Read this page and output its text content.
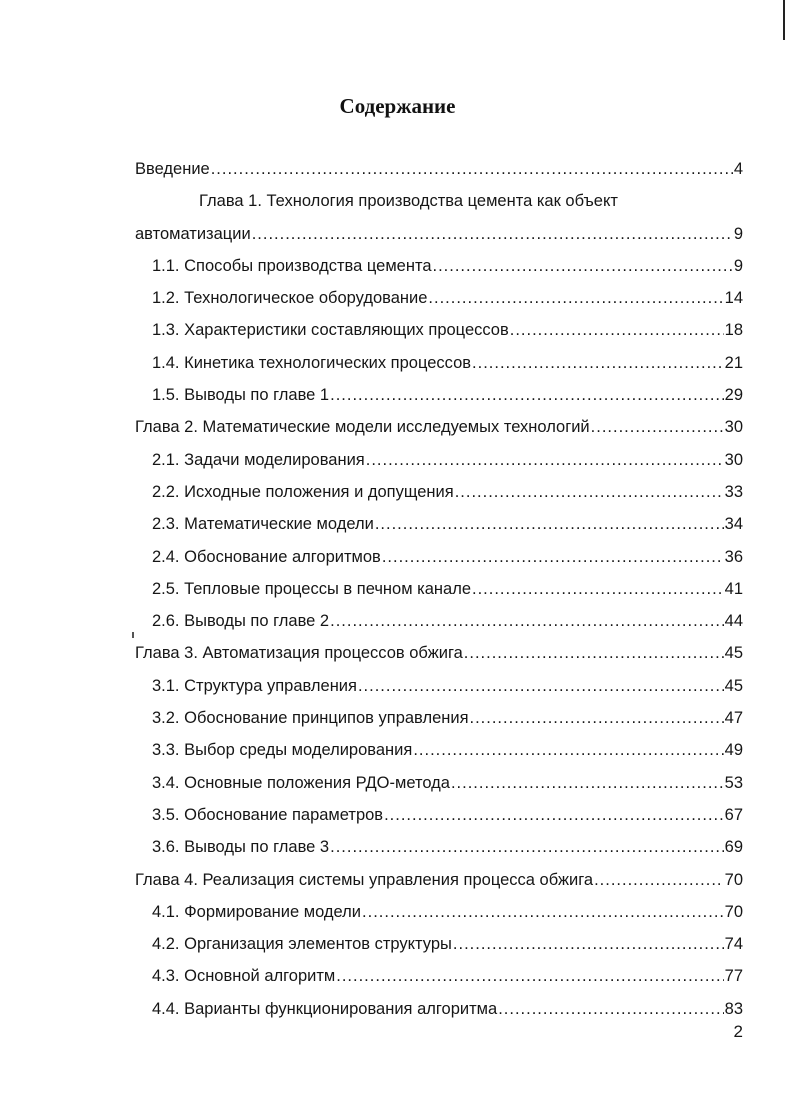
Содержание
Введение .....	4
Глава 1. Технология производства цемента как объект
автоматизации .....	9
1.1. Способы производства цемента .....	9
1.2. Технологическое оборудование .....	14
1.3. Характеристики составляющих процессов .....	18
1.4. Кинетика технологических процессов .....	21
1.5. Выводы по главе 1 .....	29
Глава 2. Математические модели исследуемых технологий .....	30
2.1. Задачи моделирования .....	30
2.2. Исходные положения и допущения .....	33
2.3. Математические модели .....	34
2.4. Обоснование алгоритмов .....	36
2.5. Тепловые процессы в печном канале .....	41
2.6. Выводы по главе 2 .....	44
Глава 3. Автоматизация процессов обжига .....	45
3.1. Структура управления .....	45
3.2. Обоснование принципов управления .....	47
3.3. Выбор среды моделирования .....	49
3.4. Основные положения РДО-метода .....	53
3.5. Обоснование параметров .....	67
3.6. Выводы по главе 3 .....	69
Глава 4. Реализация системы управления процесса обжига .....	70
4.1. Формирование модели .....	70
4.2. Организация элементов структуры .....	74
4.3. Основной алгоритм .....	77
4.4. Варианты функционирования алгоритма .....	83
2
